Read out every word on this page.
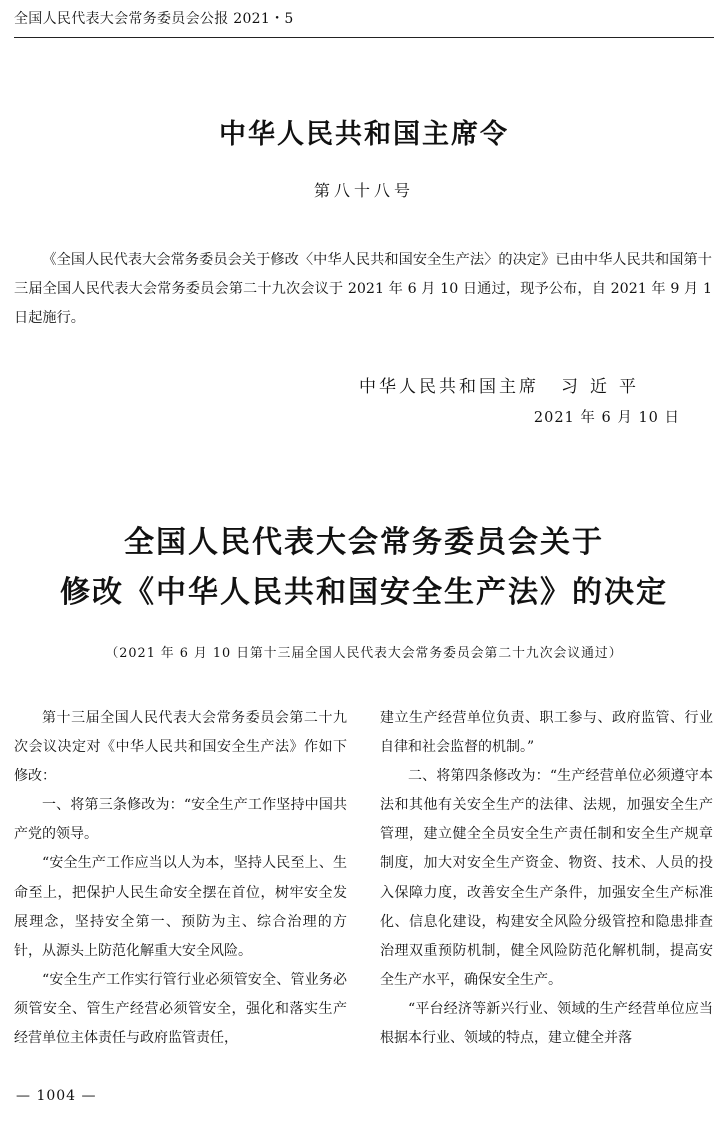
全国人民代表大会常务委员会公报 2021・5
中华人民共和国主席令
第八十八号

《全国人民代表大会常务委员会关于修改〈中华人民共和国安全生产法〉的决定》已由中华人民共和国第十三届全国人民代表大会常务委员会第二十九次会议于 2021 年 6 月 10 日通过，现予公布，自 2021 年 9 月 1 日起施行。

中华人民共和国主席 习近平
2021 年 6 月 10 日
全国人民代表大会常务委员会关于
修改《中华人民共和国安全生产法》的决定
（2021 年 6 月 10 日第十三届全国人民代表大会常务委员会第二十九次会议通过）

第十三届全国人民代表大会常务委员会第二十九次会议决定对《中华人民共和国安全生产法》作如下修改：

一、将第三条修改为：“安全生产工作坚持中国共产党的领导。

“安全生产工作应当以人为本，坚持人民至上、生命至上，把保护人民生命安全摆在首位，树牢安全发展理念，坚持安全第一、预防为主、综合治理的方针，从源头上防范化解重大安全风险。

“安全生产工作实行管行业必须管安全、管业务必须管安全、管生产经营必须管安全，强化和落实生产经营单位主体责任与政府监管责任，

建立生产经营单位负责、职工参与、政府监管、行业自律和社会监督的机制。”

二、将第四条修改为：“生产经营单位必须遵守本法和其他有关安全生产的法律、法规，加强安全生产管理，建立健全全员安全生产责任制和安全生产规章制度，加大对安全生产资金、物资、技术、人员的投入保障力度，改善安全生产条件，加强安全生产标准化、信息化建设，构建安全风险分级管控和隐患排查治理双重预防机制，健全风险防范化解机制，提高安全生产水平，确保安全生产。

“平台经济等新兴行业、领域的生产经营单位应当根据本行业、领域的特点，建立健全并落

— 1004 —
